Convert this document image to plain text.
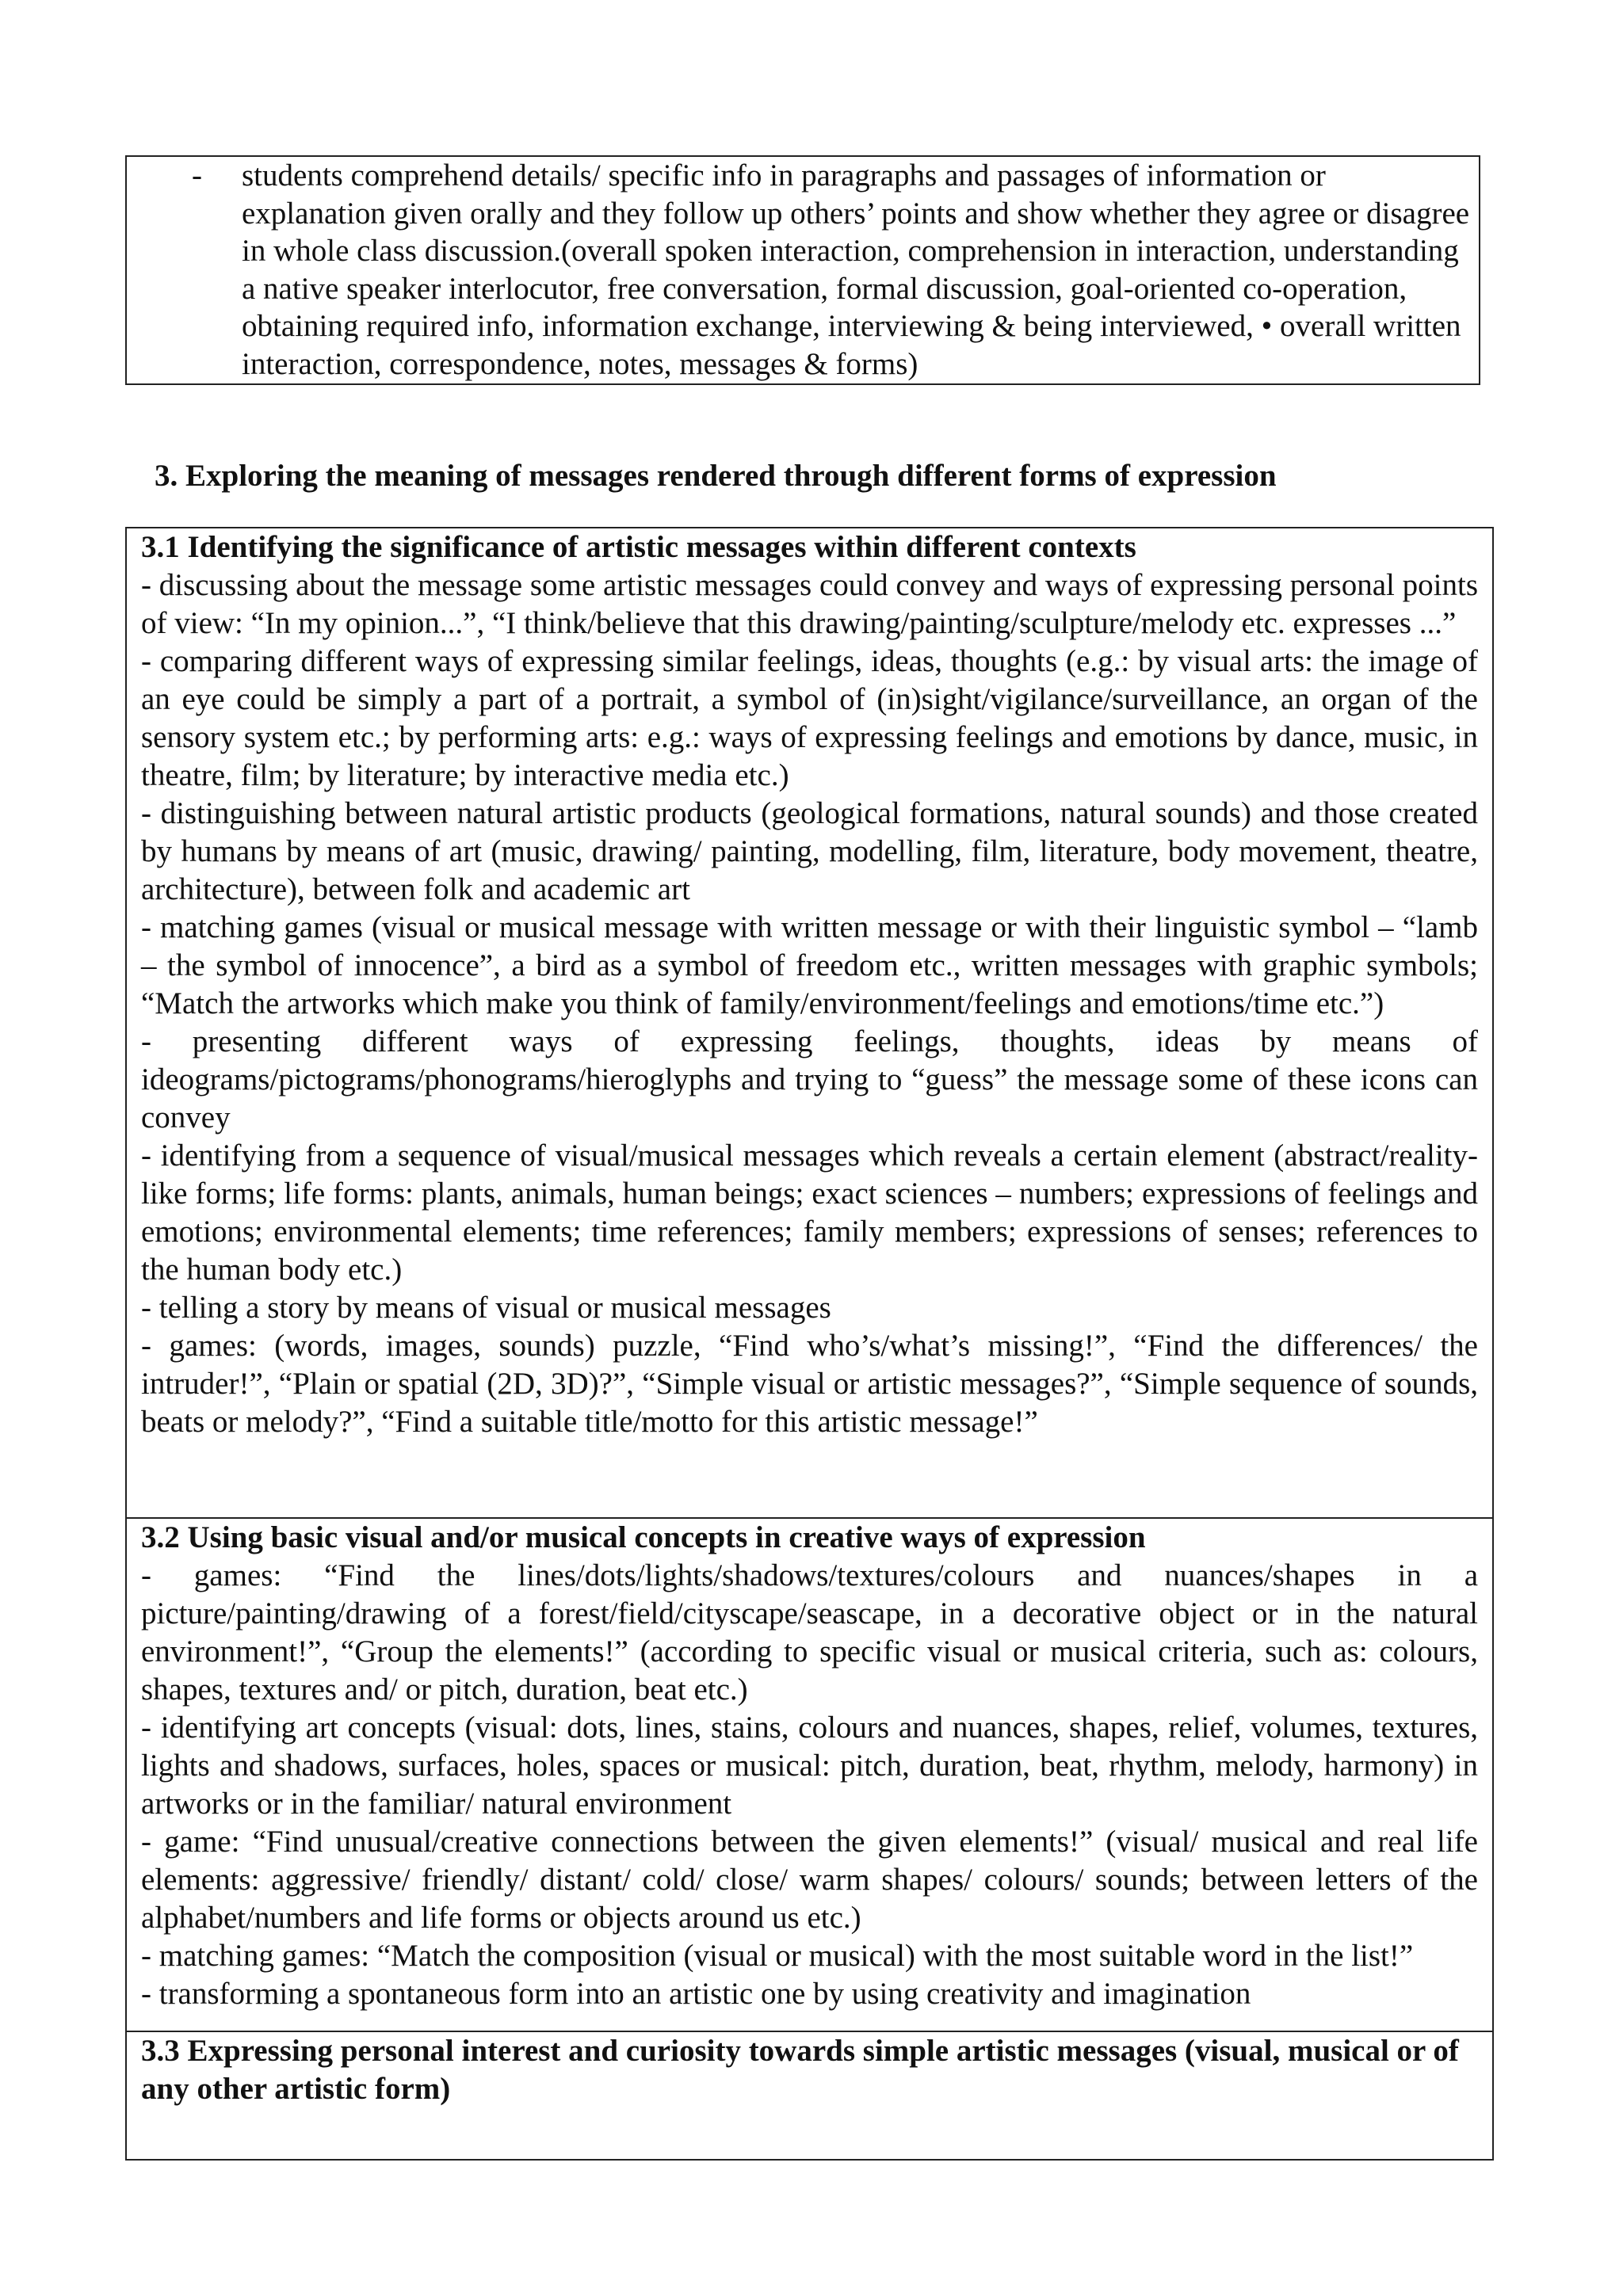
- students comprehend details/ specific info in paragraphs and passages of information or explanation given orally and they follow up others’ points and show whether they agree or disagree in whole class discussion.(overall spoken interaction, comprehension in interaction, understanding a native speaker interlocutor, free conversation, formal discussion, goal-oriented co-operation, obtaining required info, information exchange, interviewing & being interviewed, • overall written interaction, correspondence, notes, messages & forms)
3. Exploring the meaning of messages rendered through different forms of expression
3.1 Identifying the significance of artistic messages within different contexts
- discussing about the message some artistic messages could convey and ways of expressing personal points of view: “In my opinion...”, “I think/believe that this drawing/painting/sculpture/melody etc. expresses ...”
- comparing different ways of expressing similar feelings, ideas, thoughts (e.g.: by visual arts: the image of an eye could be simply a part of a portrait, a symbol of (in)sight/vigilance/surveillance, an organ of the sensory system etc.; by performing arts: e.g.: ways of expressing feelings and emotions by dance, music, in theatre, film; by literature; by interactive media etc.)
- distinguishing between natural artistic products (geological formations, natural sounds) and those created by humans by means of art (music, drawing/ painting, modelling, film, literature, body movement, theatre, architecture), between folk and academic art
- matching games (visual or musical message with written message or with their linguistic symbol – “lamb – the symbol of innocence”, a bird as a symbol of freedom etc., written messages with graphic symbols; “Match the artworks which make you think of family/environment/feelings and emotions/time etc.”)
- presenting different ways of expressing feelings, thoughts, ideas by means of ideograms/pictograms/phonograms/hieroglyphs and trying to “guess” the message some of these icons can convey
- identifying from a sequence of visual/musical messages which reveals a certain element (abstract/reality-like forms; life forms: plants, animals, human beings; exact sciences – numbers; expressions of feelings and emotions; environmental elements; time references; family members; expressions of senses; references to the human body etc.)
- telling a story by means of visual or musical messages
- games: (words, images, sounds) puzzle, “Find who’s/what’s missing!”, “Find the differences/ the intruder!”, “Plain or spatial (2D, 3D)?”, “Simple visual or artistic messages?”, “Simple sequence of sounds, beats or melody?”, “Find a suitable title/motto for this artistic message!”
3.2 Using basic visual and/or musical concepts in creative ways of expression
- games: “Find the lines/dots/lights/shadows/textures/colours and nuances/shapes in a picture/painting/drawing of a forest/field/cityscape/seascape, in a decorative object or in the natural environment!”, “Group the elements!” (according to specific visual or musical criteria, such as: colours, shapes, textures and/ or pitch, duration, beat etc.)
- identifying art concepts (visual: dots, lines, stains, colours and nuances, shapes, relief, volumes, textures, lights and shadows, surfaces, holes, spaces or musical: pitch, duration, beat, rhythm, melody, harmony) in artworks or in the familiar/ natural environment
- game: “Find unusual/creative connections between the given elements!” (visual/ musical and real life elements: aggressive/ friendly/ distant/ cold/ close/ warm shapes/ colours/ sounds; between letters of the alphabet/numbers and life forms or objects around us etc.)
- matching games: “Match the composition (visual or musical) with the most suitable word in the list!”
- transforming a spontaneous form into an artistic one by using creativity and imagination
3.3 Expressing personal interest and curiosity towards simple artistic messages (visual, musical or of any other artistic form)
